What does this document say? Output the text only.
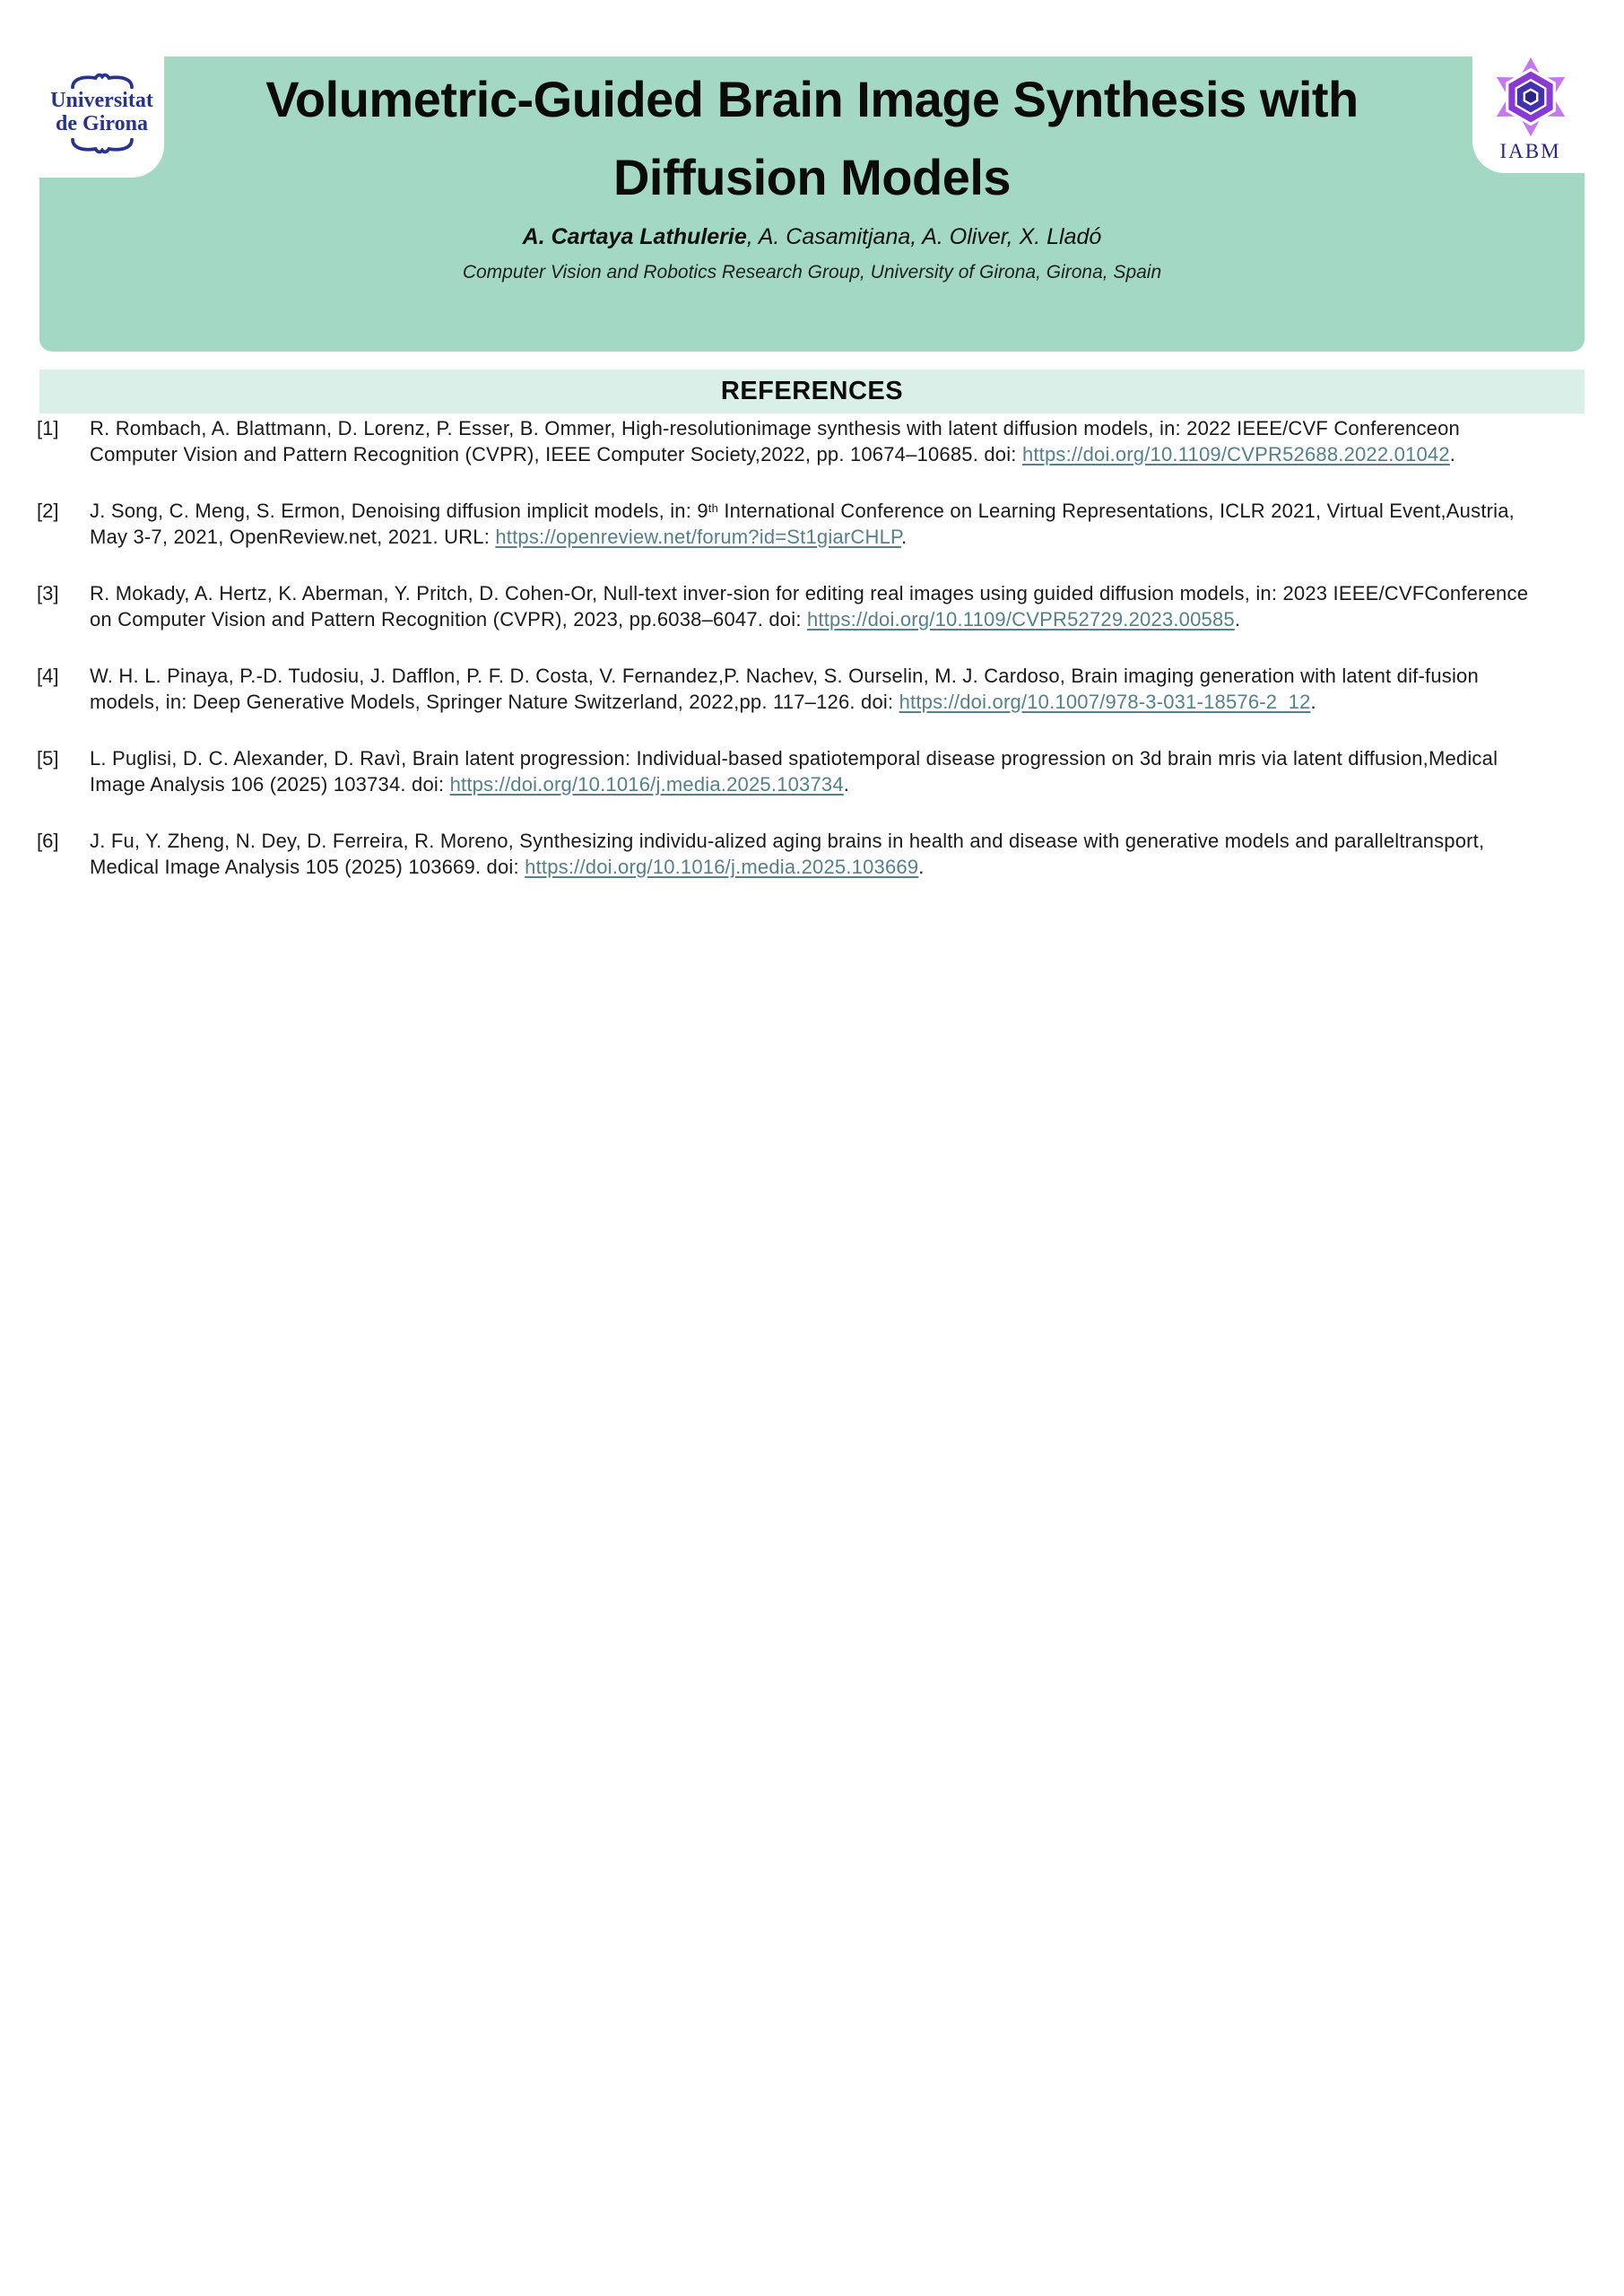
Volumetric-Guided Brain Image Synthesis with
Diffusion Models
A. Cartaya Lathulerie, A. Casamitjana, A. Oliver, X. Lladó
Computer Vision and Robotics Research Group, University of Girona, Girona, Spain
Universitat
de Girona
IABM
REFERENCES
[1]	R. Rombach, A. Blattmann, D. Lorenz, P. Esser, B. Ommer, High-resolutionimage synthesis with latent diffusion models, in: 2022 IEEE/CVF Conferenceon
Computer Vision and Pattern Recognition (CVPR), IEEE Computer Society,2022, pp. 10674–10685. doi: https://doi.org/10.1109/CVPR52688.2022.01042.
[2]	J. Song, C. Meng, S. Ermon, Denoising diffusion implicit models, in: 9th International Conference on Learning Representations, ICLR 2021, Virtual Event,Austria,
May 3-7, 2021, OpenReview.net, 2021. URL: https://openreview.net/forum?id=St1giarCHLP.
[3]	R. Mokady, A. Hertz, K. Aberman, Y. Pritch, D. Cohen-Or, Null-text inver-sion for editing real images using guided diffusion models, in: 2023 IEEE/CVFConference
on Computer Vision and Pattern Recognition (CVPR), 2023, pp.6038–6047. doi: https://doi.org/10.1109/CVPR52729.2023.00585.
[4]	W. H. L. Pinaya, P.-D. Tudosiu, J. Dafflon, P. F. D. Costa, V. Fernandez,P. Nachev, S. Ourselin, M. J. Cardoso, Brain imaging generation with latent dif-fusion
models, in: Deep Generative Models, Springer Nature Switzerland, 2022,pp. 117–126. doi: https://doi.org/10.1007/978-3-031-18576-2_12.
[5]	L. Puglisi, D. C. Alexander, D. Ravì, Brain latent progression: Individual-based spatiotemporal disease progression on 3d brain mris via latent diffusion,Medical
Image Analysis 106 (2025) 103734. doi: https://doi.org/10.1016/j.media.2025.103734.
[6]	J. Fu, Y. Zheng, N. Dey, D. Ferreira, R. Moreno, Synthesizing individu-alized aging brains in health and disease with generative models and paralleltransport,
Medical Image Analysis 105 (2025) 103669. doi: https://doi.org/10.1016/j.media.2025.103669.
